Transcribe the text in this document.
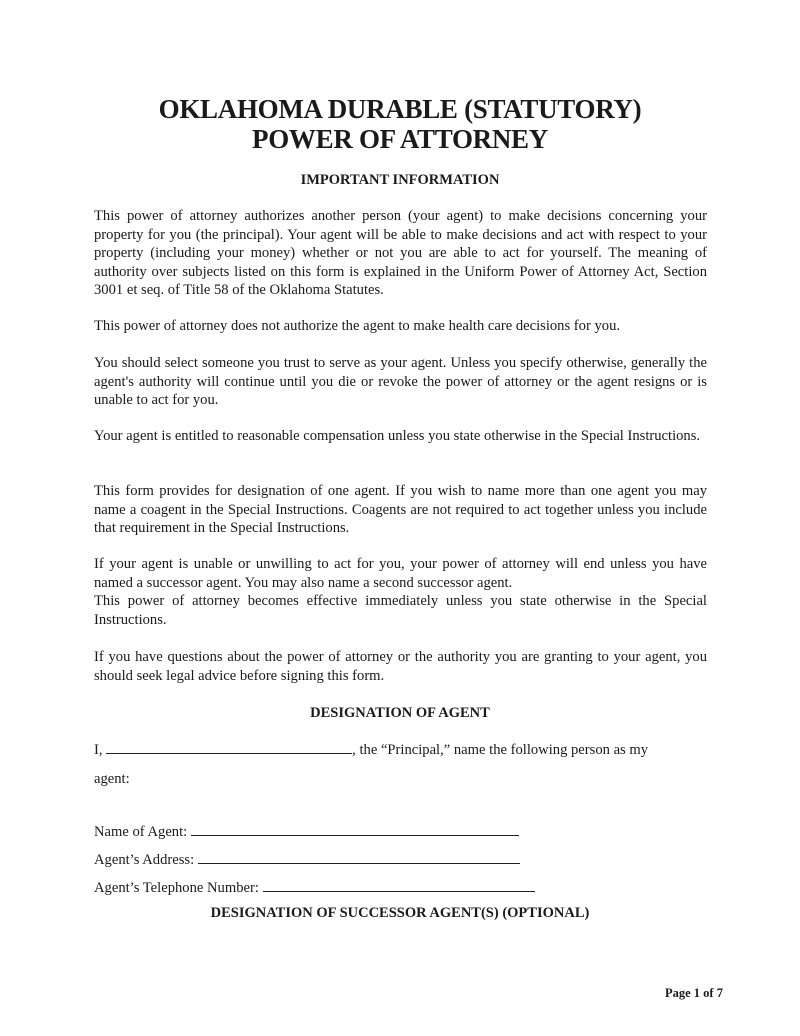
OKLAHOMA DURABLE (STATUTORY)
POWER OF ATTORNEY
IMPORTANT INFORMATION
This power of attorney authorizes another person (your agent) to make decisions concerning your property for you (the principal). Your agent will be able to make decisions and act with respect to your property (including your money) whether or not you are able to act for yourself. The meaning of authority over subjects listed on this form is explained in the Uniform Power of Attorney Act, Section 3001 et seq. of Title 58 of the Oklahoma Statutes.
This power of attorney does not authorize the agent to make health care decisions for you.
You should select someone you trust to serve as your agent. Unless you specify otherwise, generally the agent's authority will continue until you die or revoke the power of attorney or the agent resigns or is unable to act for you.
Your agent is entitled to reasonable compensation unless you state otherwise in the Special Instructions.
This form provides for designation of one agent. If you wish to name more than one agent you may name a coagent in the Special Instructions. Coagents are not required to act together unless you include that requirement in the Special Instructions.
If your agent is unable or unwilling to act for you, your power of attorney will end unless you have named a successor agent. You may also name a second successor agent.
This power of attorney becomes effective immediately unless you state otherwise in the Special Instructions.
If you have questions about the power of attorney or the authority you are granting to your agent, you should seek legal advice before signing this form.
DESIGNATION OF AGENT
I,	, the “Principal,” name the following person as my
agent:
Name of Agent:
Agent’s Address:
Agent’s Telephone Number:
DESIGNATION OF SUCCESSOR AGENT(S) (OPTIONAL)
Page 1 of 7
